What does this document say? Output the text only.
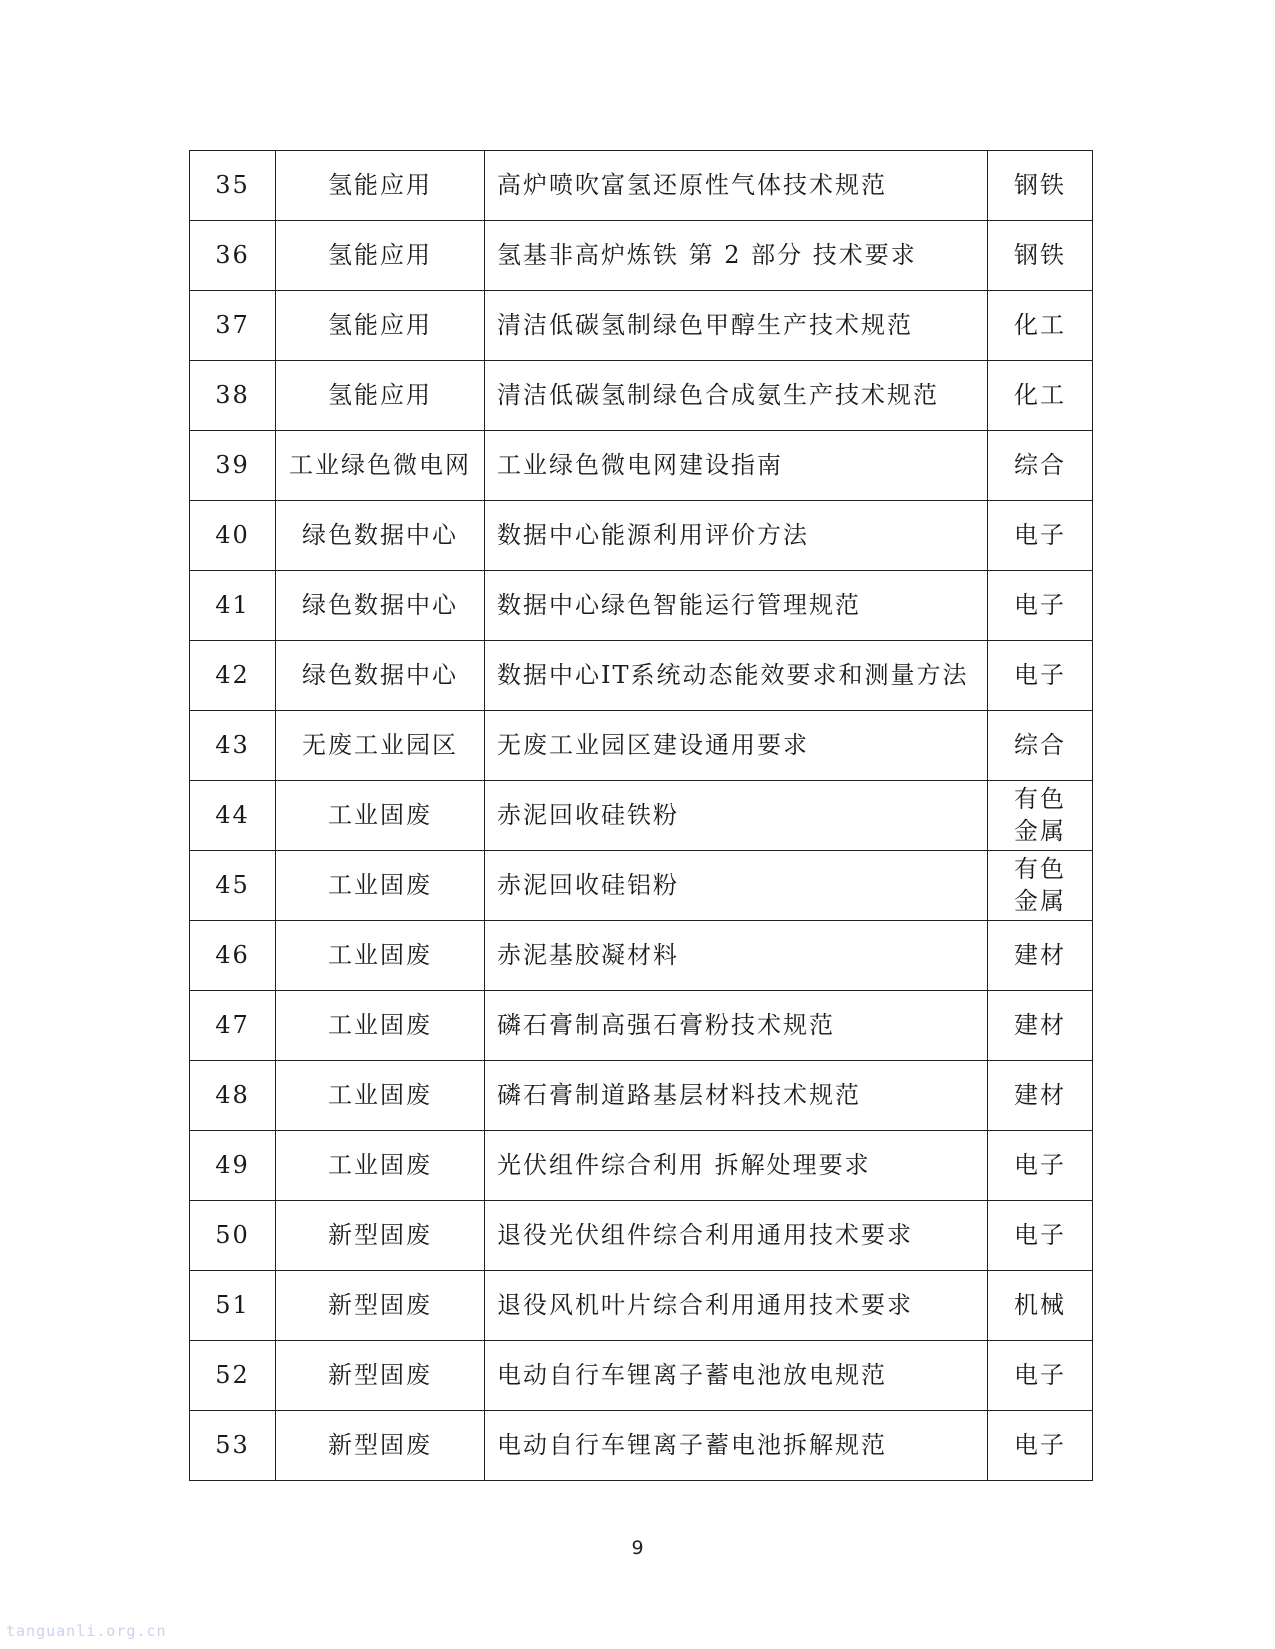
35	氢能应用	高炉喷吹富氢还原性气体技术规范	钢铁
36	氢能应用	氢基非高炉炼铁 第 2 部分 技术要求	钢铁
37	氢能应用	清洁低碳氢制绿色甲醇生产技术规范	化工
38	氢能应用	清洁低碳氢制绿色合成氨生产技术规范	化工
39	工业绿色微电网	工业绿色微电网建设指南	综合
40	绿色数据中心	数据中心能源利用评价方法	电子
41	绿色数据中心	数据中心绿色智能运行管理规范	电子
42	绿色数据中心	数据中心IT系统动态能效要求和测量方法	电子
43	无废工业园区	无废工业园区建设通用要求	综合
44	工业固废	赤泥回收硅铁粉	有色金属
45	工业固废	赤泥回收硅铝粉	有色金属
46	工业固废	赤泥基胶凝材料	建材
47	工业固废	磷石膏制高强石膏粉技术规范	建材
48	工业固废	磷石膏制道路基层材料技术规范	建材
49	工业固废	光伏组件综合利用 拆解处理要求	电子
50	新型固废	退役光伏组件综合利用通用技术要求	电子
51	新型固废	退役风机叶片综合利用通用技术要求	机械
52	新型固废	电动自行车锂离子蓄电池放电规范	电子
53	新型固废	电动自行车锂离子蓄电池拆解规范	电子
9
tanguanli.org.cn
